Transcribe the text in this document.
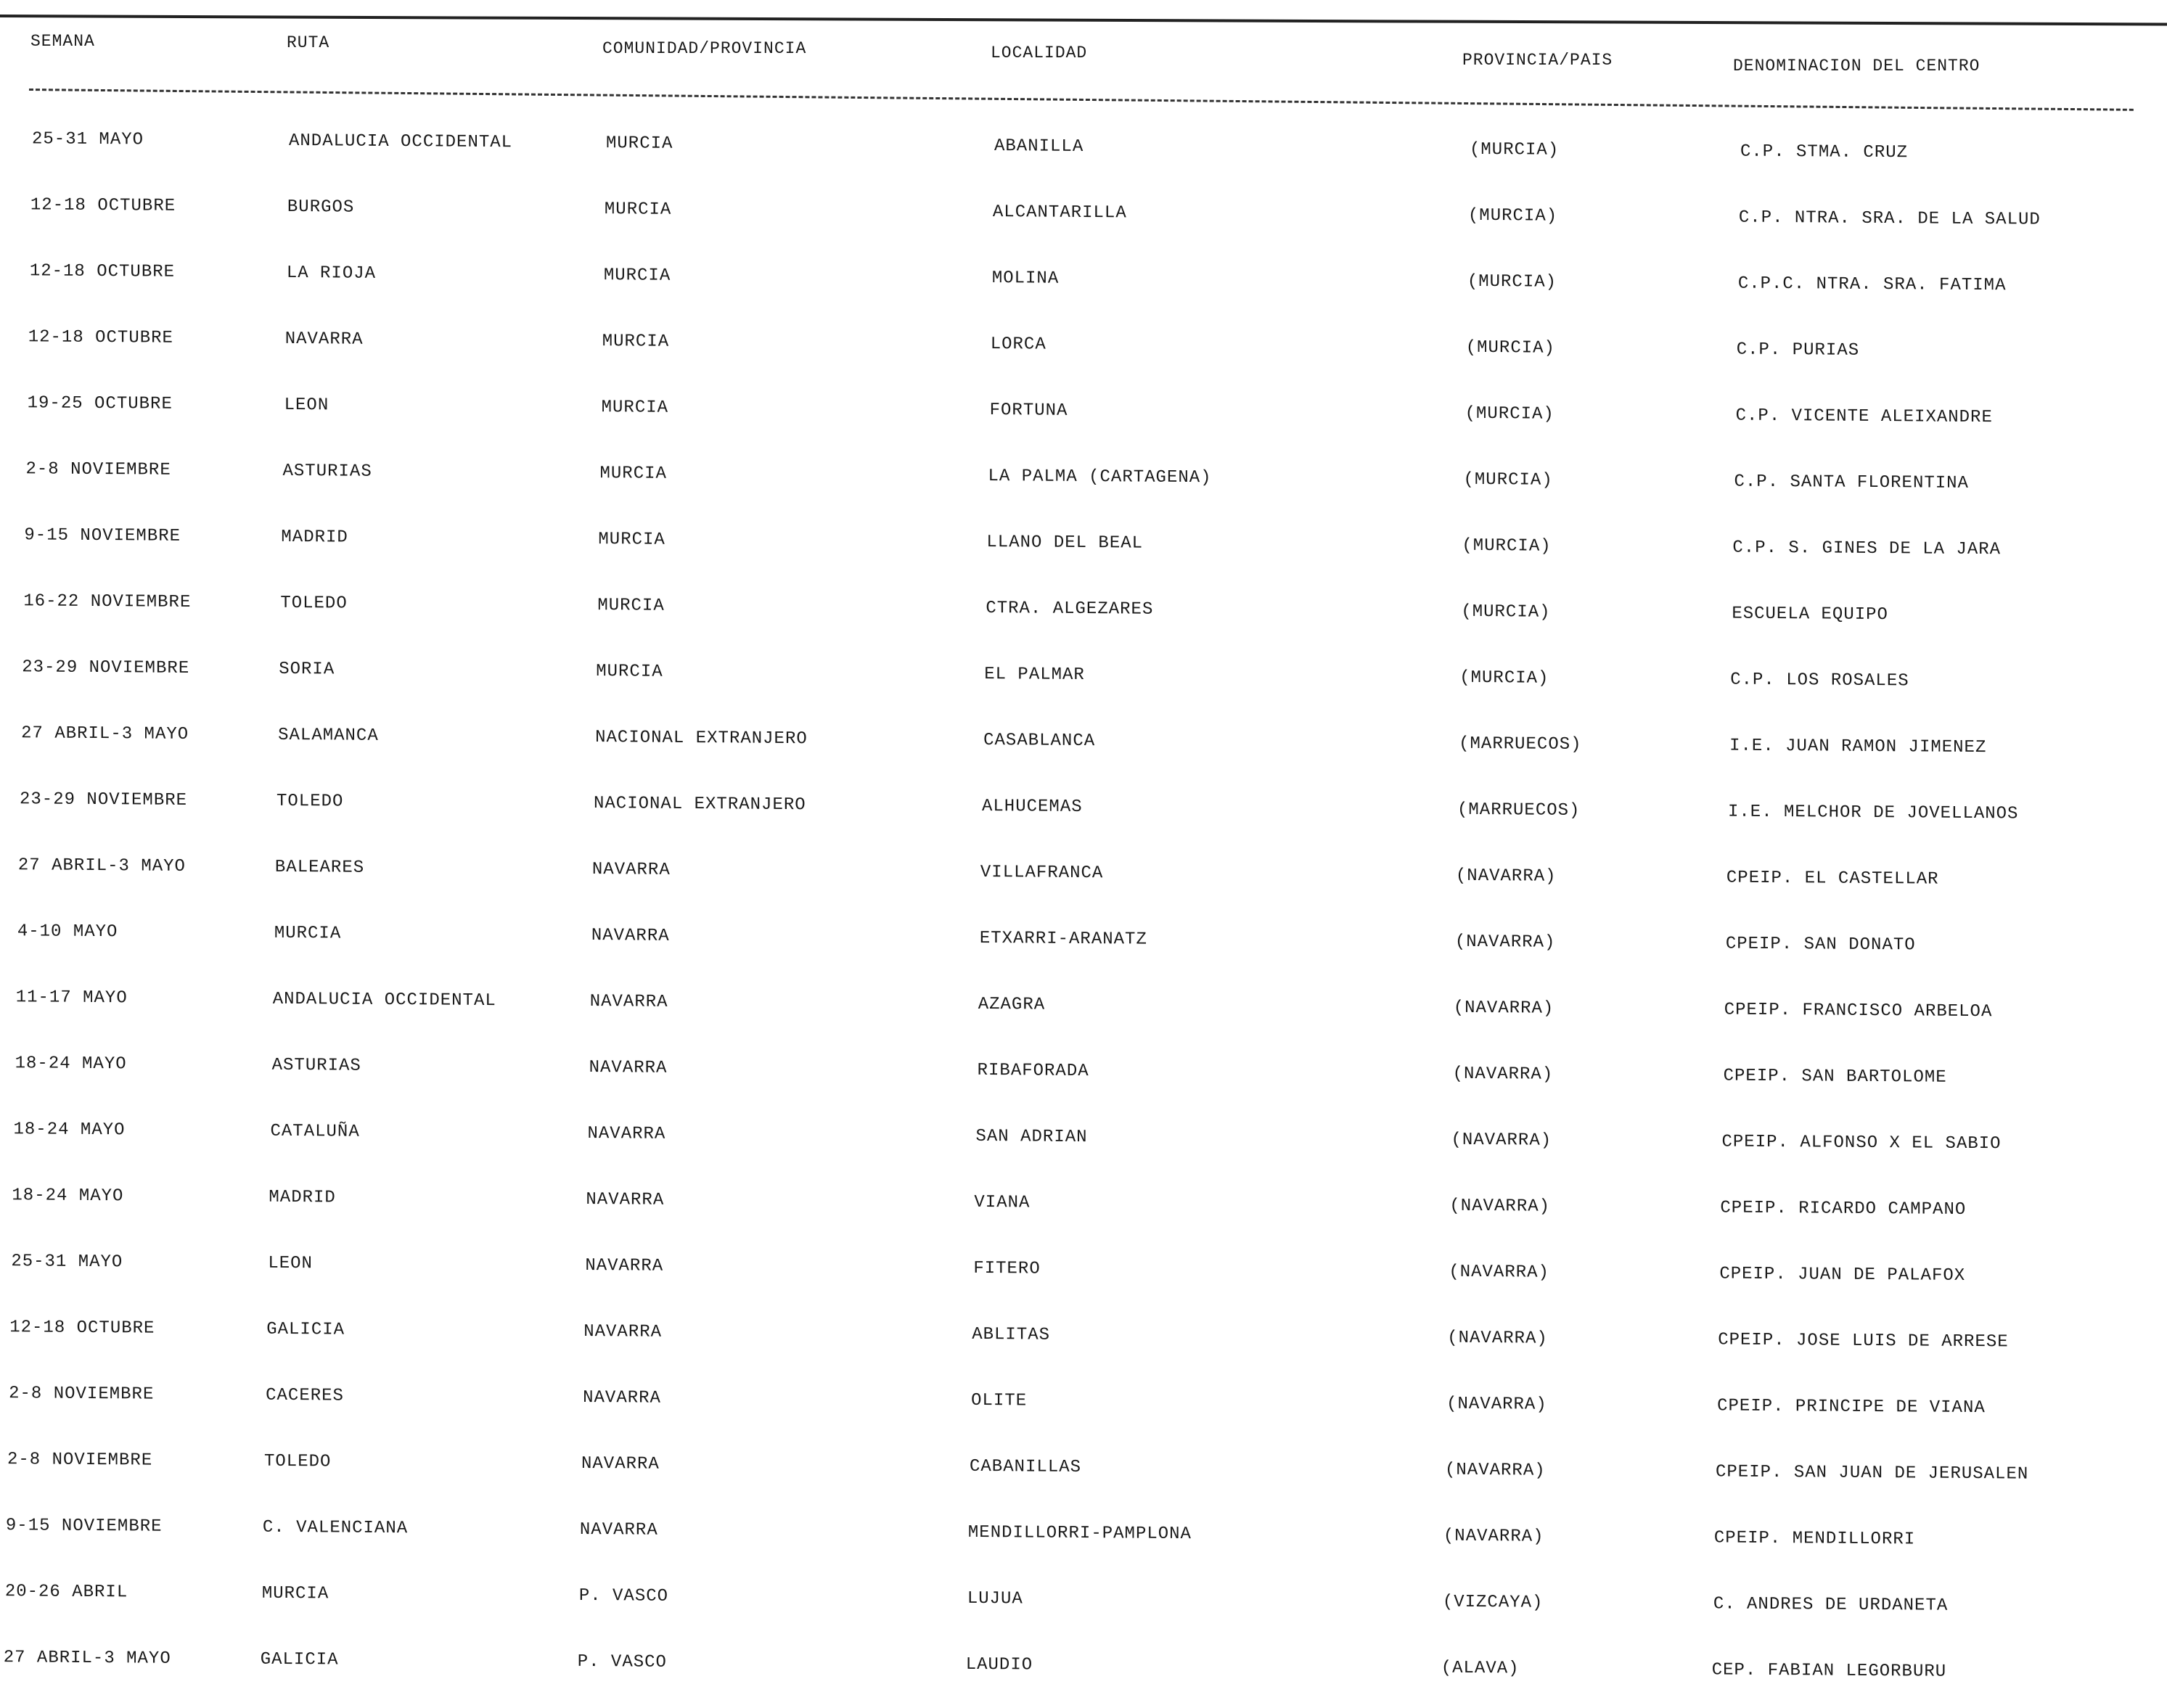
SEMANA	RUTA	COMUNIDAD/PROVINCIA	LOCALIDAD	PROVINCIA/PAIS	DENOMINACION DEL CENTRO
25-31 MAYO	ANDALUCIA OCCIDENTAL	MURCIA	ABANILLA	(MURCIA)	C.P. STMA. CRUZ
12-18 OCTUBRE	BURGOS	MURCIA	ALCANTARILLA	(MURCIA)	C.P. NTRA. SRA. DE LA SALUD
12-18 OCTUBRE	LA RIOJA	MURCIA	MOLINA	(MURCIA)	C.P.C. NTRA. SRA. FATIMA
12-18 OCTUBRE	NAVARRA	MURCIA	LORCA	(MURCIA)	C.P. PURIAS
19-25 OCTUBRE	LEON	MURCIA	FORTUNA	(MURCIA)	C.P. VICENTE ALEIXANDRE
2-8 NOVIEMBRE	ASTURIAS	MURCIA	LA PALMA (CARTAGENA)	(MURCIA)	C.P. SANTA FLORENTINA
9-15 NOVIEMBRE	MADRID	MURCIA	LLANO DEL BEAL	(MURCIA)	C.P. S. GINES DE LA JARA
16-22 NOVIEMBRE	TOLEDO	MURCIA	CTRA. ALGEZARES	(MURCIA)	ESCUELA EQUIPO
23-29 NOVIEMBRE	SORIA	MURCIA	EL PALMAR	(MURCIA)	C.P. LOS ROSALES
27 ABRIL-3 MAYO	SALAMANCA	NACIONAL EXTRANJERO	CASABLANCA	(MARRUECOS)	I.E. JUAN RAMON JIMENEZ
23-29 NOVIEMBRE	TOLEDO	NACIONAL EXTRANJERO	ALHUCEMAS	(MARRUECOS)	I.E. MELCHOR DE JOVELLANOS
27 ABRIL-3 MAYO	BALEARES	NAVARRA	VILLAFRANCA	(NAVARRA)	CPEIP. EL CASTELLAR
4-10 MAYO	MURCIA	NAVARRA	ETXARRI-ARANATZ	(NAVARRA)	CPEIP. SAN DONATO
11-17 MAYO	ANDALUCIA OCCIDENTAL	NAVARRA	AZAGRA	(NAVARRA)	CPEIP. FRANCISCO ARBELOA
18-24 MAYO	ASTURIAS	NAVARRA	RIBAFORADA	(NAVARRA)	CPEIP. SAN BARTOLOME
18-24 MAYO	CATALUÑA	NAVARRA	SAN ADRIAN	(NAVARRA)	CPEIP. ALFONSO X EL SABIO
18-24 MAYO	MADRID	NAVARRA	VIANA	(NAVARRA)	CPEIP. RICARDO CAMPANO
25-31 MAYO	LEON	NAVARRA	FITERO	(NAVARRA)	CPEIP. JUAN DE PALAFOX
12-18 OCTUBRE	GALICIA	NAVARRA	ABLITAS	(NAVARRA)	CPEIP. JOSE LUIS DE ARRESE
2-8 NOVIEMBRE	CACERES	NAVARRA	OLITE	(NAVARRA)	CPEIP. PRINCIPE DE VIANA
2-8 NOVIEMBRE	TOLEDO	NAVARRA	CABANILLAS	(NAVARRA)	CPEIP. SAN JUAN DE JERUSALEN
9-15 NOVIEMBRE	C. VALENCIANA	NAVARRA	MENDILLORRI-PAMPLONA	(NAVARRA)	CPEIP. MENDILLORRI
20-26 ABRIL	MURCIA	P. VASCO	LUJUA	(VIZCAYA)	C. ANDRES DE URDANETA
27 ABRIL-3 MAYO	GALICIA	P. VASCO	LAUDIO	(ALAVA)	CEP. FABIAN LEGORBURU
